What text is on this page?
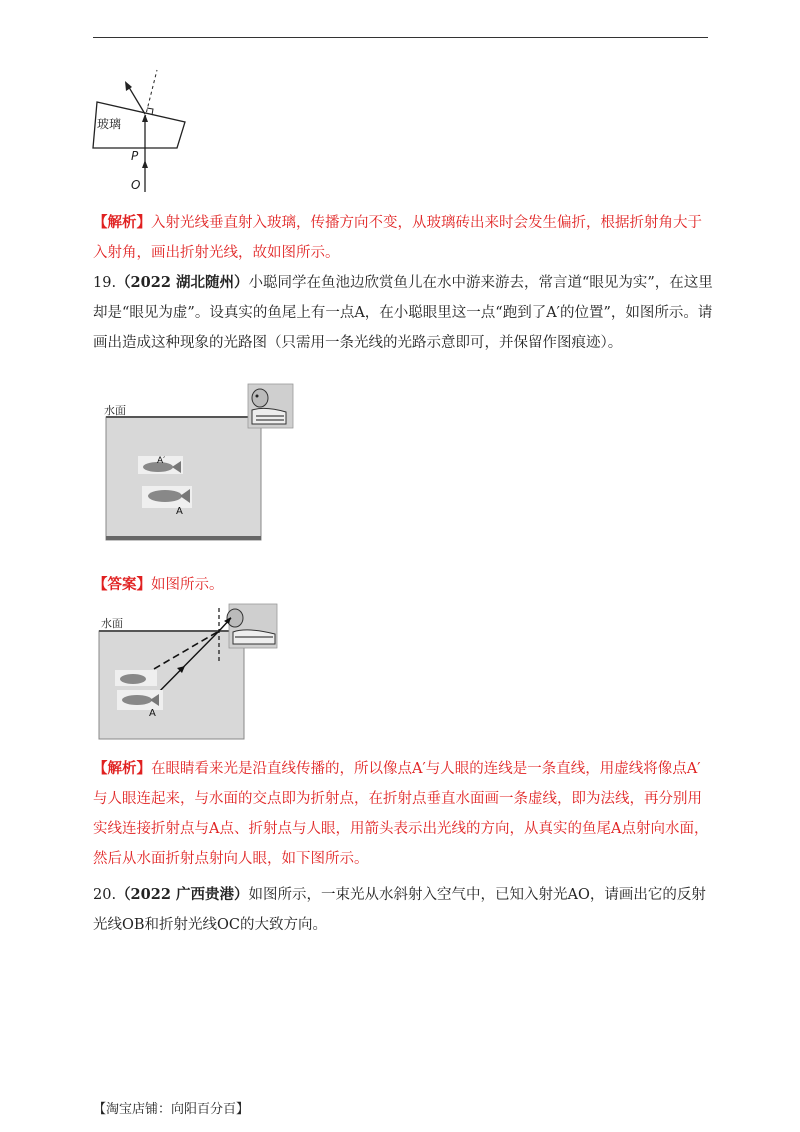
玻璃
P
O
【解析】入射光线垂直射入玻璃，传播方向不变，从玻璃砖出来时会发生偏折，根据折射角大于入射角，画出折射光线，故如图所示。
19.（2022 湖北随州）小聪同学在鱼池边欣赏鱼儿在水中游来游去，常言道“眼见为实”，在这里却是“眼见为虚”。设真实的鱼尾上有一点A，在小聪眼里这一点“跑到了A′的位置”，如图所示。请画出造成这种现象的光路图（只需用一条光线的光路示意即可，并保留作图痕迹）。
水面
A′
A
【答案】如图所示。
水面
A
【解析】在眼睛看来光是沿直线传播的，所以像点A′与人眼的连线是一条直线，用虚线将像点A′与人眼连起来，与水面的交点即为折射点，在折射点垂直水面画一条虚线，即为法线，再分别用实线连接折射点与A点、折射点与人眼，用箭头表示出光线的方向，从真实的鱼尾A点射向水面，然后从水面折射点射向人眼，如下图所示。
20.（2022 广西贵港）如图所示，一束光从水斜射入空气中，已知入射光AO，请画出它的反射光线OB和折射光线OC的大致方向。
【淘宝店铺：向阳百分百】
